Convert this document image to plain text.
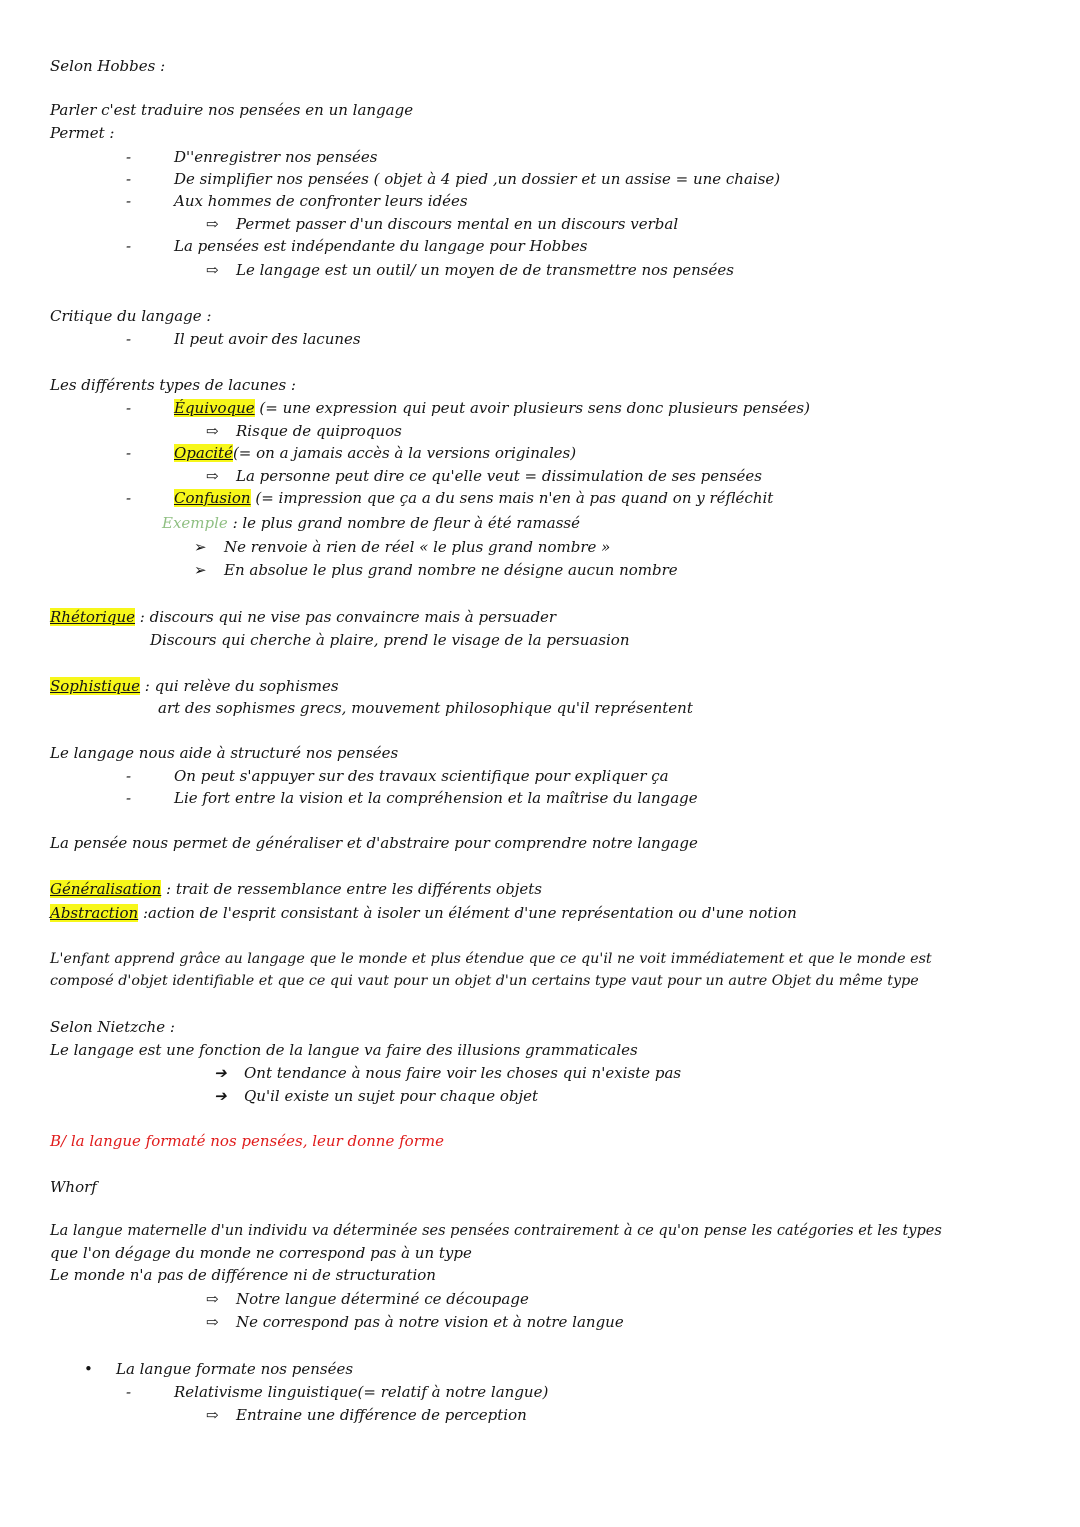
Selon Hobbes :
Parler c'est traduire nos pensées en un langage
Permet :
-	D''enregistrer nos pensées
-	De simplifier nos pensées ( objet à 4 pied ,un dossier et un assise = une chaise)
-	Aux hommes de confronter leurs idées
⇨ Permet passer d'un discours mental en un discours verbal
-	La pensées est indépendante du langage pour Hobbes
⇨ Le langage est un outil/ un moyen de de transmettre nos pensées
Critique du langage :
-	Il peut avoir des lacunes
Les différents types de lacunes :
-	Équivoque (= une expression qui peut avoir plusieurs sens donc plusieurs pensées)
⇨ Risque de quiproquos
-	Opacité(= on a jamais accès à la versions originales)
⇨ La personne peut dire ce qu'elle veut = dissimulation de ses pensées
-	Confusion (= impression que ça a du sens mais n'en à pas quand on y réfléchit
Exemple : le plus grand nombre de fleur à été ramassé
➢ Ne renvoie à rien de réel « le plus grand nombre »
➢ En absolue le plus grand nombre ne désigne aucun nombre
Rhétorique : discours qui ne vise pas convaincre mais à persuader
Discours qui cherche à plaire, prend le visage de la persuasion
Sophistique : qui relève du sophismes
art des sophismes grecs, mouvement philosophique qu'il représentent
Le langage nous aide à structuré nos pensées
-	On peut s'appuyer sur des travaux scientifique pour expliquer ça
-	Lie fort entre la vision et la compréhension et la maîtrise du langage
La pensée nous permet de généraliser et d'abstraire pour comprendre notre langage
Généralisation : trait de ressemblance entre les différents objets
Abstraction :action de l'esprit consistant à isoler un élément d'une représentation ou d'une notion
L'enfant apprend grâce au langage que le monde et plus étendue que ce qu'il ne voit immédiatement et que le monde est
composé d'objet identifiable et que ce qui vaut pour un objet d'un certains type vaut pour un autre Objet du même type
Selon Nietzche :
Le langage est une fonction de la langue va faire des illusions grammaticales
➔ Ont tendance à nous faire voir les choses qui n'existe pas
➔ Qu'il existe un sujet pour chaque objet
B/ la langue formaté nos pensées, leur donne forme
Whorf
La langue maternelle d'un individu va déterminée ses pensées contrairement à ce qu'on pense les catégories et les types
que l'on dégage du monde ne correspond pas à un type
Le monde n'a pas de différence ni de structuration
⇨ Notre langue déterminé ce découpage
⇨ Ne correspond pas à notre vision et à notre langue
• La langue formate nos pensées
-	Relativisme linguistique(= relatif à notre langue)
⇨ Entraine une différence de perception
